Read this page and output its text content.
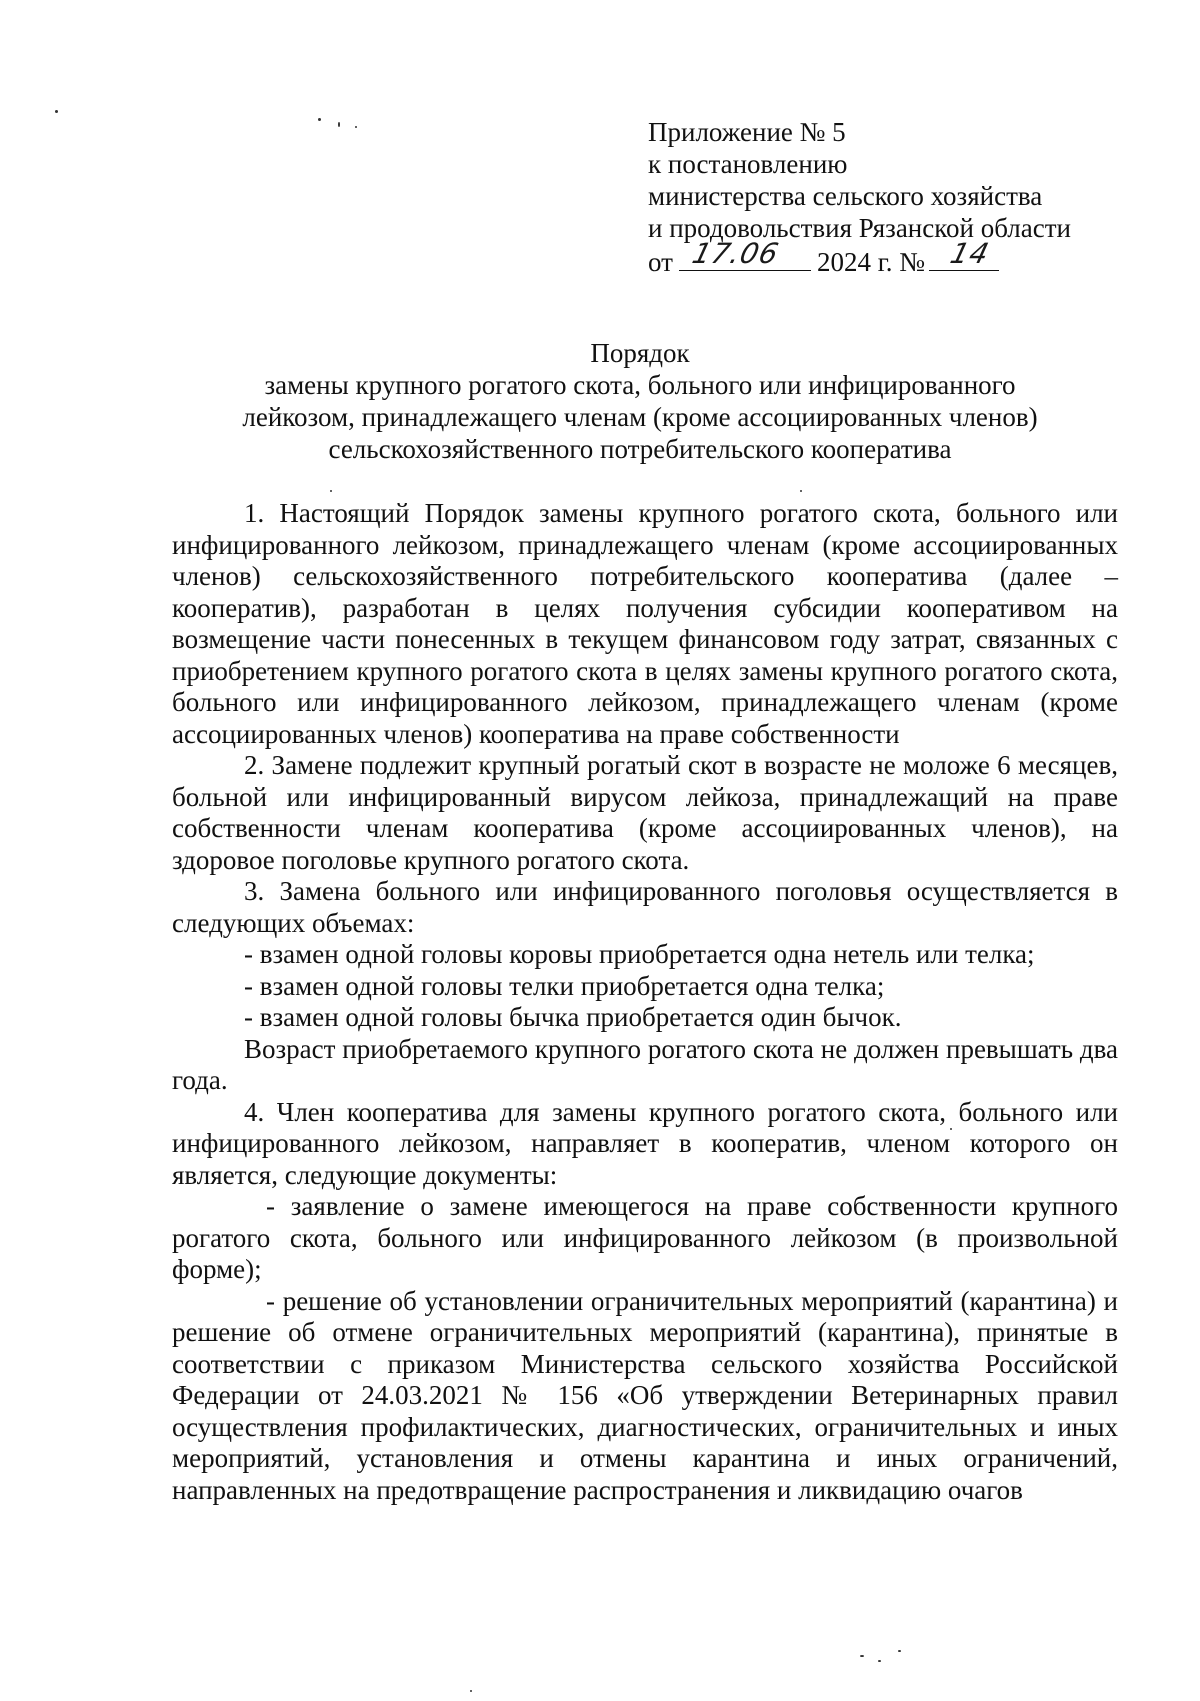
Приложение № 5
к постановлению
министерства сельского хозяйства
и продовольствия Рязанской области
от 17.06 2024 г. № 14
Порядок
замены крупного рогатого скота, больного или инфицированного
лейкозом, принадлежащего членам (кроме ассоциированных членов)
сельскохозяйственного потребительского кооператива

1. Настоящий Порядок замены крупного рогатого скота, больного или инфицированного лейкозом, принадлежащего членам (кроме ассоциированных членов) сельскохозяйственного потребительского кооператива (далее – кооператив), разработан в целях получения субсидии кооперативом на возмещение части понесенных в текущем финансовом году затрат, связанных с приобретением крупного рогатого скота в целях замены крупного рогатого скота, больного или инфицированного лейкозом, принадлежащего членам (кроме ассоциированных членов) кооператива на праве собственности

2. Замене подлежит крупный рогатый скот в возрасте не моложе 6 месяцев, больной или инфицированный вирусом лейкоза, принадлежащий на праве собственности членам кооператива (кроме ассоциированных членов), на здоровое поголовье крупного рогатого скота.

3. Замена больного или инфицированного поголовья осуществляется в следующих объемах:

- взамен одной головы коровы приобретается одна нетель или телка;

- взамен одной головы телки приобретается одна телка;

- взамен одной головы бычка приобретается один бычок.

Возраст приобретаемого крупного рогатого скота не должен превышать два года.

4. Член кооператива для замены крупного рогатого скота, больного или инфицированного лейкозом, направляет в кооператив, членом которого он является, следующие документы:

- заявление о замене имеющегося на праве собственности крупного рогатого скота, больного или инфицированного лейкозом (в произвольной форме);

- решение об установлении ограничительных мероприятий (карантина) и решение об отмене ограничительных мероприятий (карантина), принятые в соответствии с приказом Министерства сельского хозяйства Российской Федерации от 24.03.2021 № 156 «Об утверждении Ветеринарных правил осуществления профилактических, диагностических, ограничительных и иных мероприятий, установления и отмены карантина и иных ограничений, направленных на предотвращение распространения и ликвидацию очагов
